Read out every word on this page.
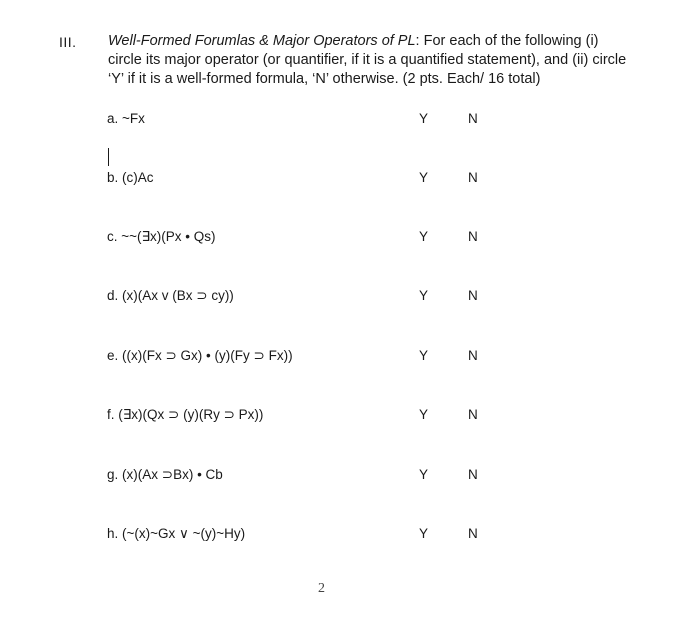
III. Well-Formed Forumlas & Major Operators of PL: For each of the following (i) circle its major operator (or quantifier, if it is a quantified statement), and (ii) circle ‘Y’ if it is a well-formed formula, ‘N’ otherwise. (2 pts. Each/ 16 total)
a. ~Fx	Y	N
b. (c)Ac	Y	N
c. ~~(∃x)(Px • Qs)	Y	N
d. (x)(Ax v (Bx ⊃ cy))	Y	N
e. ((x)(Fx ⊃ Gx) • (y)(Fy ⊃ Fx))	Y	N
f. (∃x)(Qx ⊃ (y)(Ry ⊃ Px))	Y	N
g. (x)(Ax ⊃Bx) • Cb	Y	N
h. (~(x)~Gx ∨ ~(y)~Hy)	Y	N
2
